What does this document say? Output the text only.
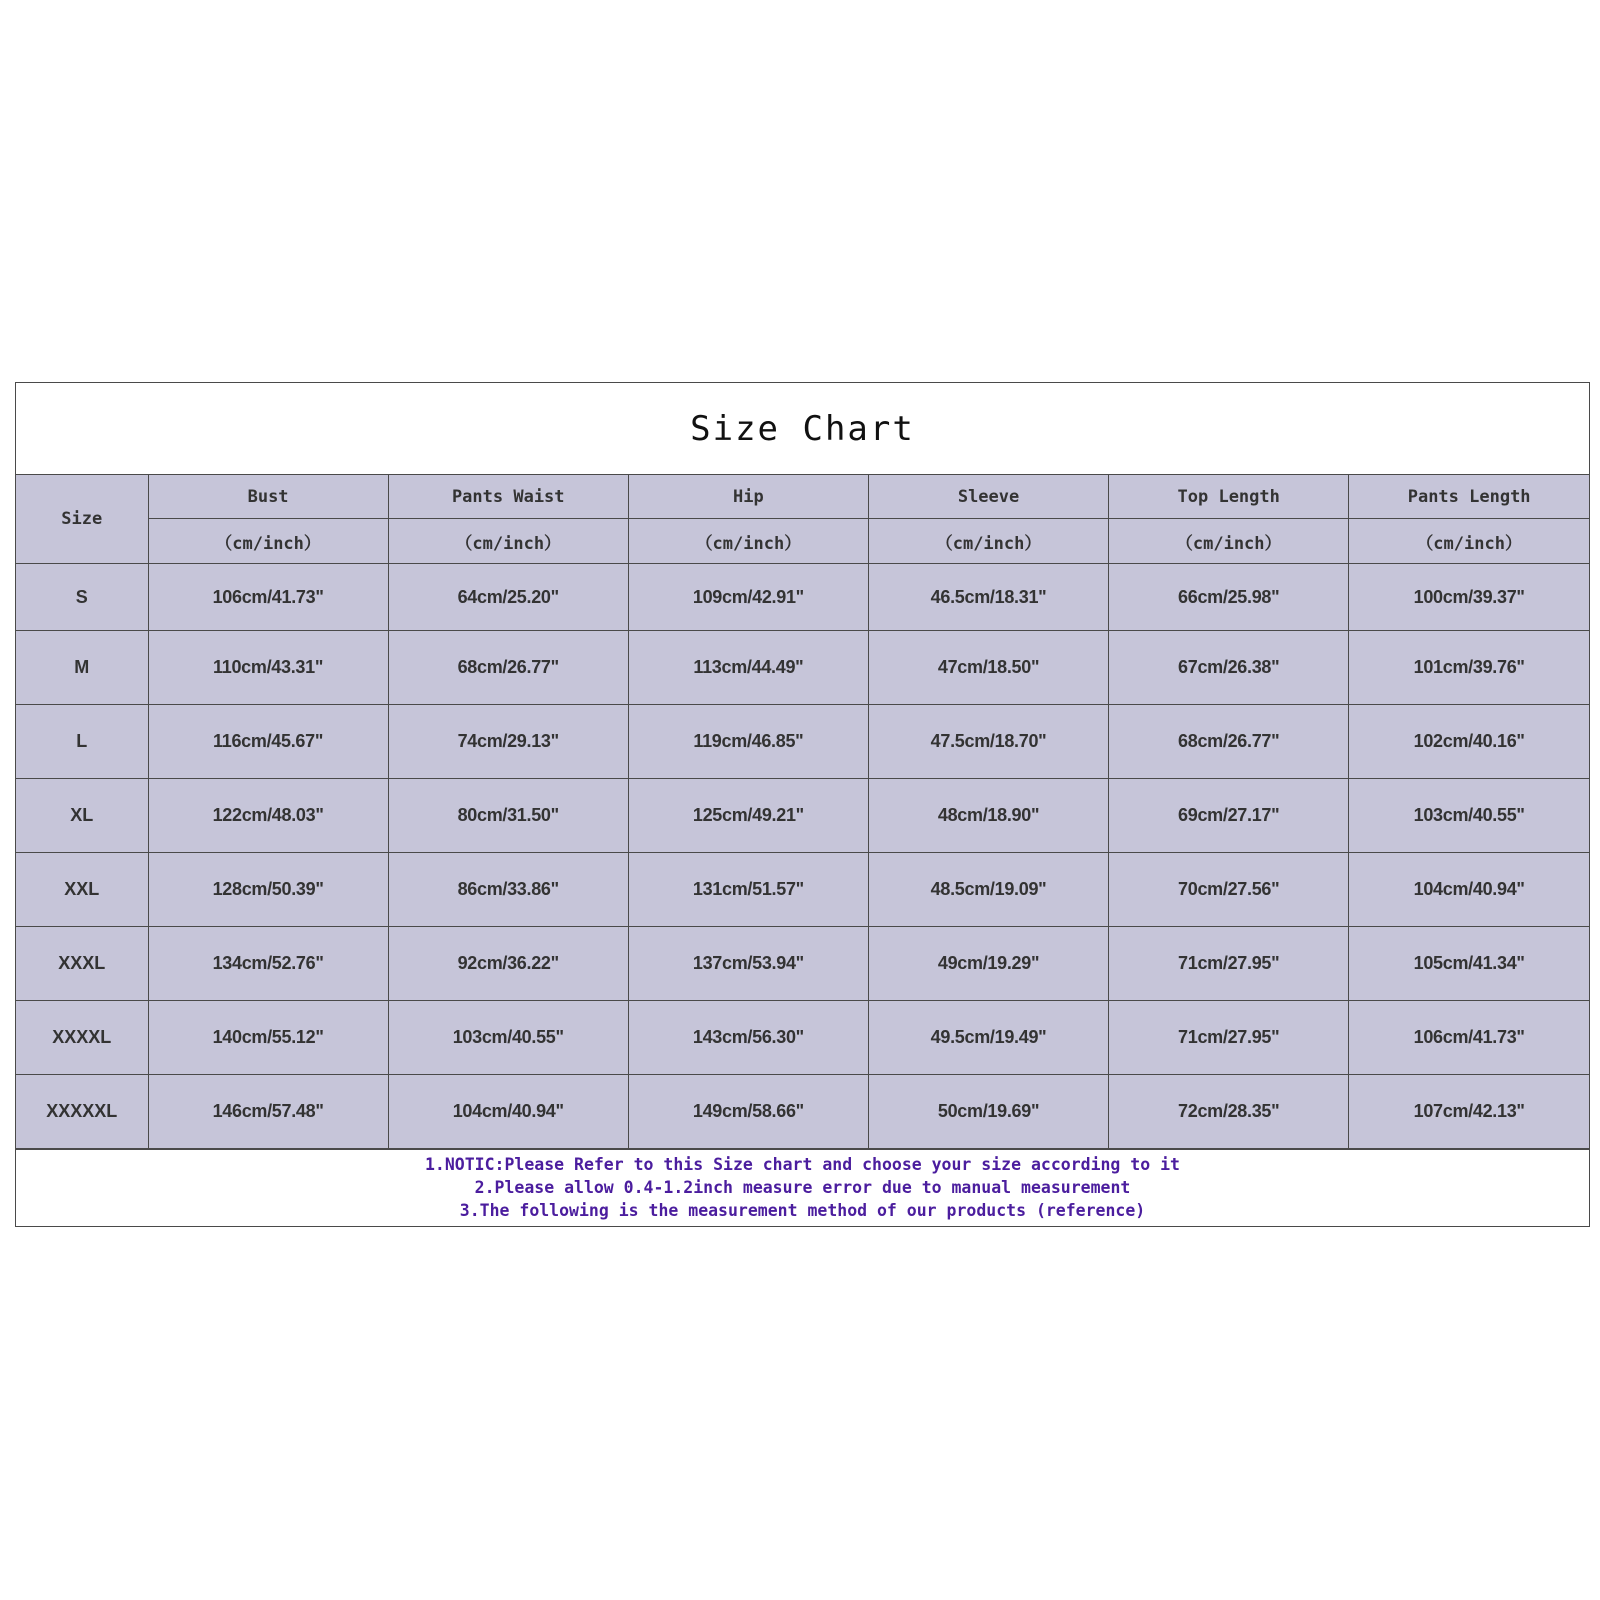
Size Chart
Size	Bust	Pants Waist	Hip	Sleeve	Top Length	Pants Length
	（cm/inch）	（cm/inch）	（cm/inch）	（cm/inch）	（cm/inch）	（cm/inch）
S	106cm/41.73"	64cm/25.20"	109cm/42.91"	46.5cm/18.31"	66cm/25.98"	100cm/39.37"
M	110cm/43.31"	68cm/26.77"	113cm/44.49"	47cm/18.50"	67cm/26.38"	101cm/39.76"
L	116cm/45.67"	74cm/29.13"	119cm/46.85"	47.5cm/18.70"	68cm/26.77"	102cm/40.16"
XL	122cm/48.03"	80cm/31.50"	125cm/49.21"	48cm/18.90"	69cm/27.17"	103cm/40.55"
XXL	128cm/50.39"	86cm/33.86"	131cm/51.57"	48.5cm/19.09"	70cm/27.56"	104cm/40.94"
XXXL	134cm/52.76"	92cm/36.22"	137cm/53.94"	49cm/19.29"	71cm/27.95"	105cm/41.34"
XXXXL	140cm/55.12"	103cm/40.55"	143cm/56.30"	49.5cm/19.49"	71cm/27.95"	106cm/41.73"
XXXXXL	146cm/57.48"	104cm/40.94"	149cm/58.66"	50cm/19.69"	72cm/28.35"	107cm/42.13"
1.NOTIC:Please Refer to this Size chart and choose your size according to it
2.Please allow 0.4-1.2inch measure error due to manual measurement
3.The following is the measurement method of our products (reference)
